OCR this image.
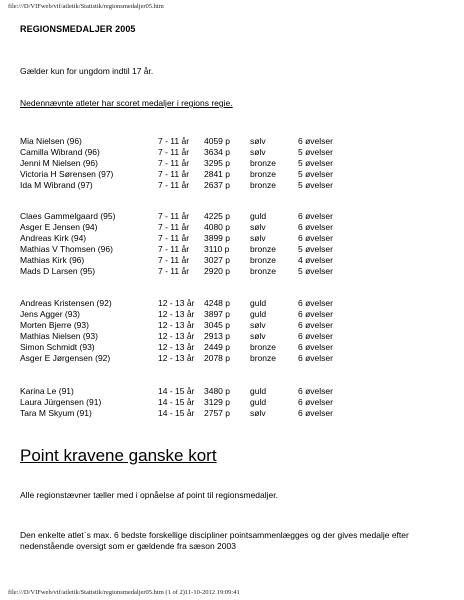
file:///D/VIFweb/vif/atletik/Statistik/regionsmedaljer05.htm
REGIONSMEDALJER 2005
Gælder kun for ungdom indtil 17 år.
Nedennævnte atleter har scoret medaljer i regions regie.
Mia Nielsen (96)	7 - 11 år 4059 p sølv	6 øvelser
Camilla Wibrand (96)	7 - 11 år 3634 p sølv	5 øvelser
Jenni M Nielsen (96)	7 - 11 år 3295 p bronze	5 øvelser
Victoria H Sørensen (97)	7 - 11 år 2841 p bronze	5 øvelser
Ida M Wibrand (97)	7 - 11 år 2637 p bronze	5 øvelser
Claes Gammelgaard (95)	7 - 11 år 4225 p guld	6 øvelser
Asger E Jensen (94)	7 - 11 år 4080 p sølv	6 øvelser
Andreas Kirk (94)	7 - 11 år 3899 p sølv	6 øvelser
Mathias V Thomsen (96)	7 - 11 år 3110 p bronze	5 øvelser
Mathias Kirk (96)	7 - 11 år 3027 p bronze	4 øvelser
Mads D Larsen (95)	7 - 11 år 2920 p bronze	5 øvelser
Andreas Kristensen (92)	12 - 13 år 4248 p guld	6 øvelser
Jens Agger (93)	12 - 13 år 3897 p guld	6 øvelser
Morten Bjerre (93)	12 - 13 år 3045 p sølv	6 øvelser
Mathias Nielsen (93)	12 - 13 år 2913 p sølv	6 øvelser
Simon Schmidt (93)	12 - 13 år 2449 p bronze	6 øvelser
Asger E Jørgensen (92)	12 - 13 år 2078 p bronze	6 øvelser
Karina Le (91)	14 - 15 år 3480 p guld	6 øvelser
Laura Jürgensen (91)	14 - 15 år 3129 p guld	6 øvelser
Tara M Skyum (91)	14 - 15 år 2757 p sølv	6 øvelser
Point kravene ganske kort
Alle regionstævner tæller med i opnåelse af point til regionsmedaljer.
Den enkelte atlet`s max. 6 bedste forskellige discipliner pointsammenlægges og der gives medalje efter nedenstående oversigt som er gældende fra sæson 2003
file:///D/VIFweb/vif/atletik/Statistik/regionsmedaljer05.htm (1 of 2)11-10-2012 19:09:41
